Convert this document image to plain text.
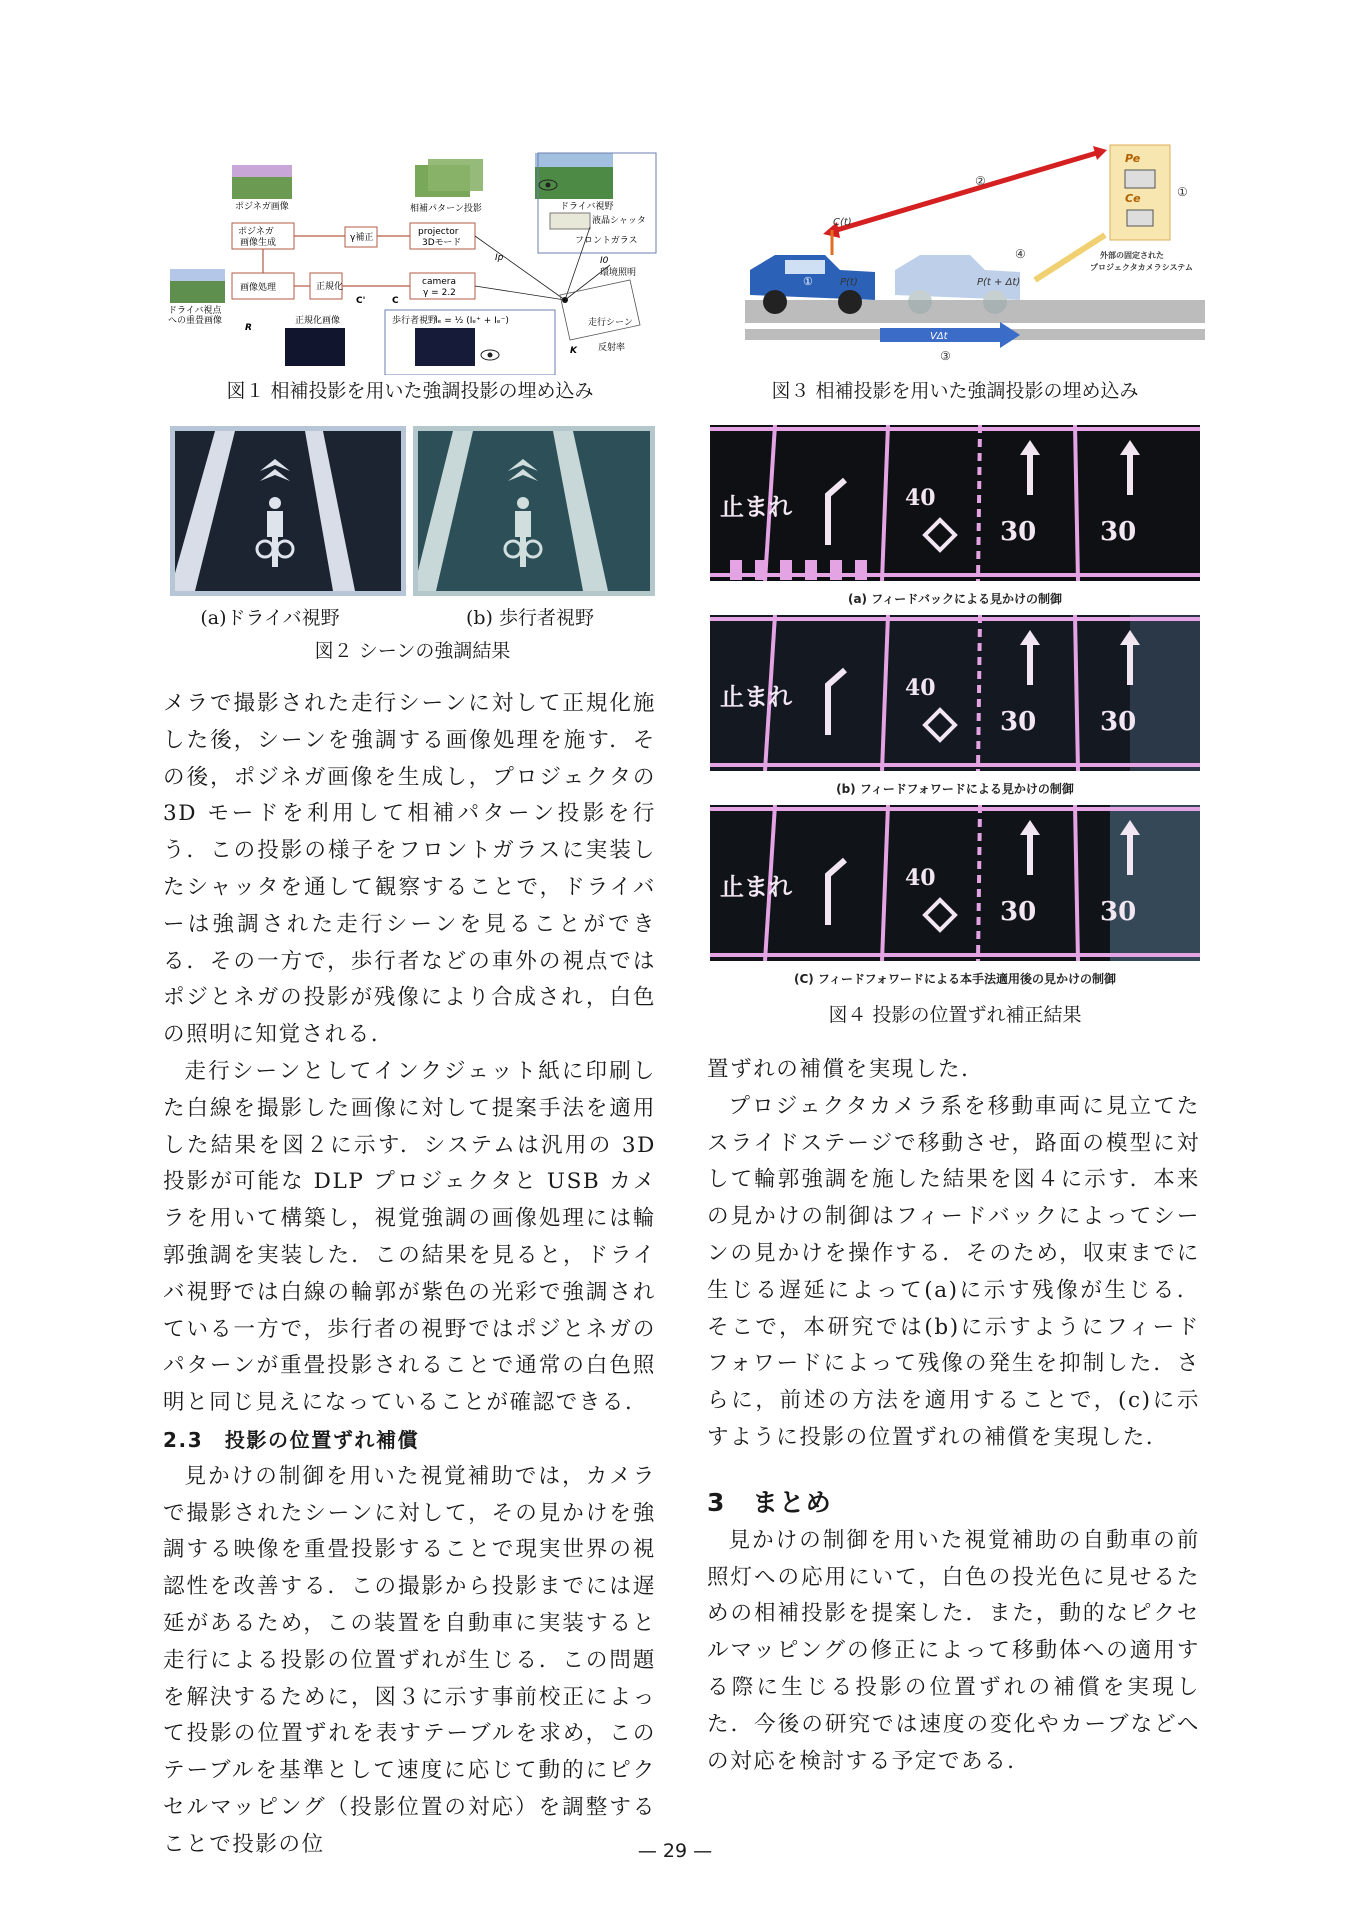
ポジネガ画像
ポジネガ
画像生成	γ補正
projector
3Dモード
相補パターン投影	ドライバ視野
液晶シャッタ
フロントガラス
環境照明
画像処理	正規化	camera
γ = 2.2
ドライバ視点
への重畳画像	正規化画像	歩行者視野
Iₑ = ½ (Iₑ⁺ + Iₑ⁻)	走行シーン
反射率
R
K
C'	C
Ip	I0
図１ 相補投影を用いた強調投影の埋め込み
(a)ドライバ視野	(b) 歩行者視野
図２ シーンの強調結果
Pe
Ce	①
外部の固定された
プロジェクタカメラシステム
②
④
C(t)
P(t)
①	P(t + Δt)
VΔt
③
図３ 相補投影を用いた強調投影の埋め込み
止まれ	40
30 30
(a) フィードバックによる見かけの制御
止まれ	40
30 30
(b) フィードフォワードによる見かけの制御
止まれ	40
30 30
(C) フィードフォワードによる本手法適用後の見かけの制御
図４ 投影の位置ずれ補正結果

メラで撮影された走行シーンに対して正規化施した後，シーンを強調する画像処理を施す．その後，ポジネガ画像を生成し，プロジェクタの 3D モードを利用して相補パターン投影を行う．この投影の様子をフロントガラスに実装したシャッタを通して観察することで，ドライバーは強調された走行シーンを見ることができる．その一方で，歩行者などの車外の視点ではポジとネガの投影が残像により合成され，白色の照明に知覚される．

走行シーンとしてインクジェット紙に印刷した白線を撮影した画像に対して提案手法を適用した結果を図２に示す．システムは汎用の 3D 投影が可能な DLP プロジェクタと USB カメラを用いて構築し，視覚強調の画像処理には輪郭強調を実装した．この結果を見ると，ドライバ視野では白線の輪郭が紫色の光彩で強調されている一方で，歩行者の視野ではポジとネガのパターンが重畳投影されることで通常の白色照明と同じ見えになっていることが確認できる．

2.3　投影の位置ずれ補償

見かけの制御を用いた視覚補助では，カメラで撮影されたシーンに対して，その見かけを強調する映像を重畳投影することで現実世界の視認性を改善する．この撮影から投影までには遅延があるため，この装置を自動車に実装すると走行による投影の位置ずれが生じる．この問題を解決するために，図３に示す事前校正によって投影の位置ずれを表すテーブルを求め，このテーブルを基準として速度に応じて動的にピクセルマッピング（投影位置の対応）を調整することで投影の位

置ずれの補償を実現した．

プロジェクタカメラ系を移動車両に見立てたスライドステージで移動させ，路面の模型に対して輪郭強調を施した結果を図４に示す．本来の見かけの制御はフィードバックによってシーンの見かけを操作する．そのため，収束までに生じる遅延によって(a)に示す残像が生じる．そこで，本研究では(b)に示すようにフィードフォワードによって残像の発生を抑制した．さらに，前述の方法を適用することで，(c)に示すように投影の位置ずれの補償を実現した．

3　まとめ

見かけの制御を用いた視覚補助の自動車の前照灯への応用にいて，白色の投光色に見せるための相補投影を提案した．また，動的なピクセルマッピングの修正によって移動体への適用する際に生じる投影の位置ずれの補償を実現した．今後の研究では速度の変化やカーブなどへの対応を検討する予定である．

— 29 —
